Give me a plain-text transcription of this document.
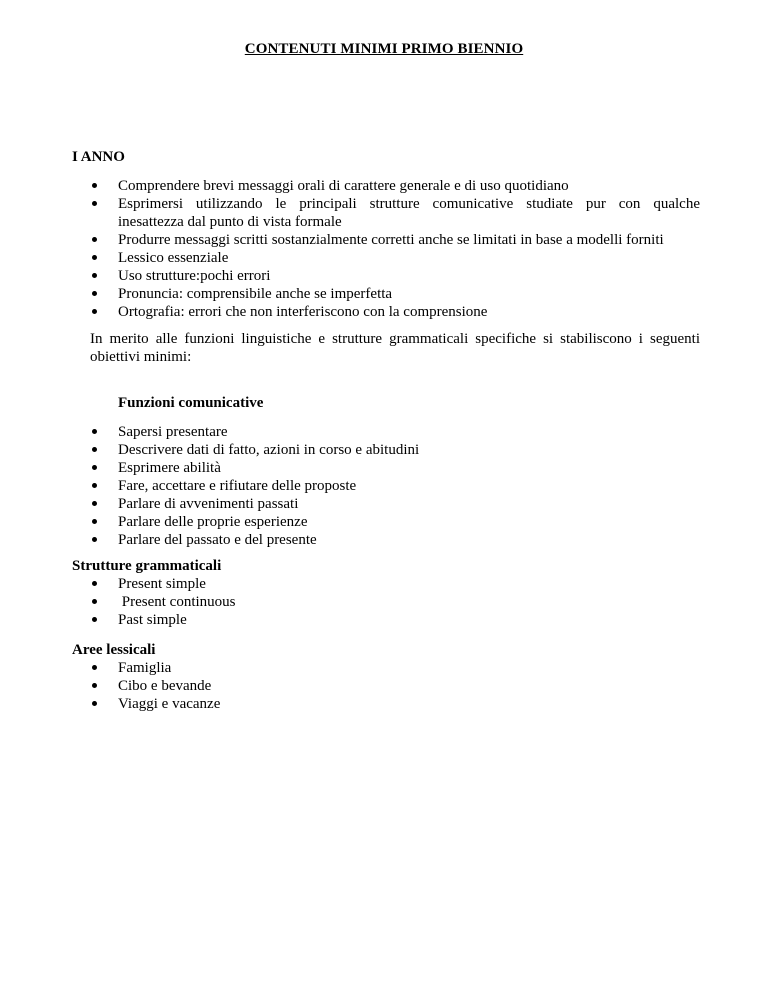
CONTENUTI MINIMI PRIMO BIENNIO
I ANNO
Comprendere brevi messaggi orali di carattere generale e di uso quotidiano
Esprimersi utilizzando le principali strutture comunicative studiate pur con qualche
inesattezza dal punto di vista formale
Produrre messaggi scritti sostanzialmente corretti anche se limitati in base a modelli forniti
Lessico essenziale
Uso strutture:pochi errori
Pronuncia: comprensibile anche se imperfetta
Ortografia: errori che non interferiscono con la comprensione
In merito alle funzioni linguistiche e strutture grammaticali specifiche si stabiliscono i seguenti
obiettivi minimi:
Funzioni comunicative
Sapersi presentare
Descrivere dati di fatto, azioni in corso e abitudini
Esprimere abilità
Fare, accettare e rifiutare delle proposte
Parlare di avvenimenti passati
Parlare delle proprie esperienze
Parlare del passato e del presente
Strutture grammaticali
Present simple
Present continuous
Past simple
Aree lessicali
Famiglia
Cibo e bevande
Viaggi e vacanze
